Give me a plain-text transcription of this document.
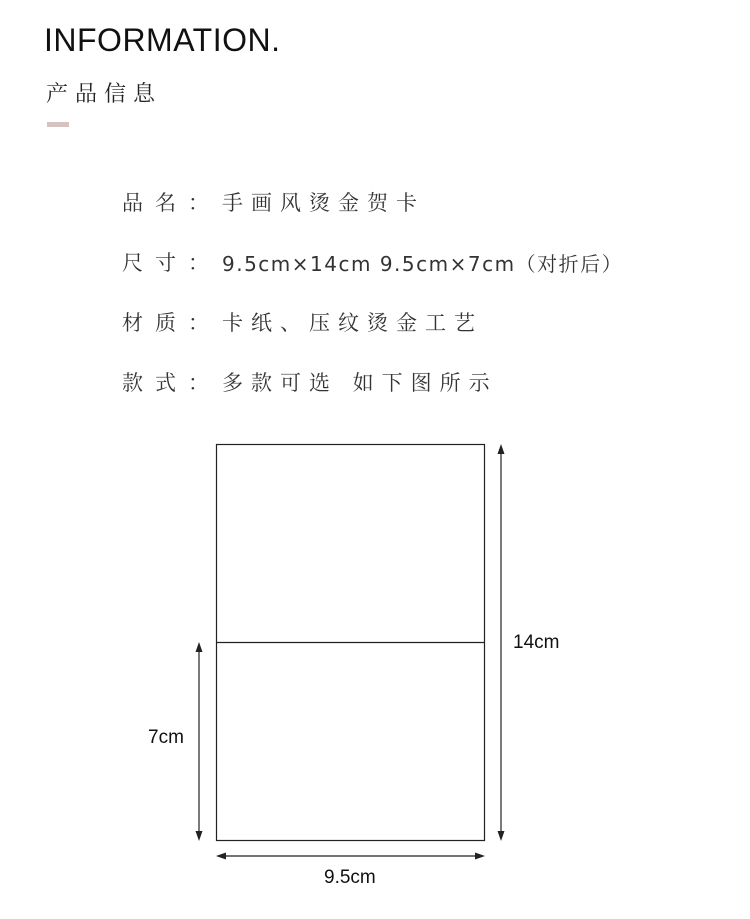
INFORMATION.
产品信息
品名： 手画风烫金贺卡
尺寸： 9.5cm×14cm 9.5cm×7cm（对折后）
材质： 卡纸、压纹烫金工艺
款式： 多款可选 如下图所示
14cm
7cm
9.5cm
